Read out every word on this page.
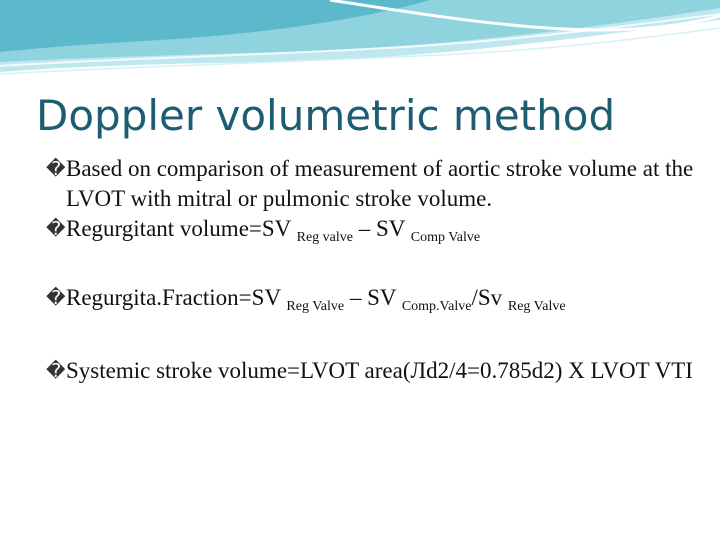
Doppler volumetric method
� Based on comparison of measurement of aortic stroke volume at the LVOT with mitral or pulmonic stroke volume.
� Regurgitant volume=SV $_{Reg valve}$ – SV $_{Comp Valve}$
� Regurgita.Fraction=SV $_{Reg Valve}$ – SV $_{Comp.Valve}$/Sv $_{Reg Valve}$
� Systemic stroke volume=LVOT area(Лd2/4=0.785d2) X LVOT VTI
